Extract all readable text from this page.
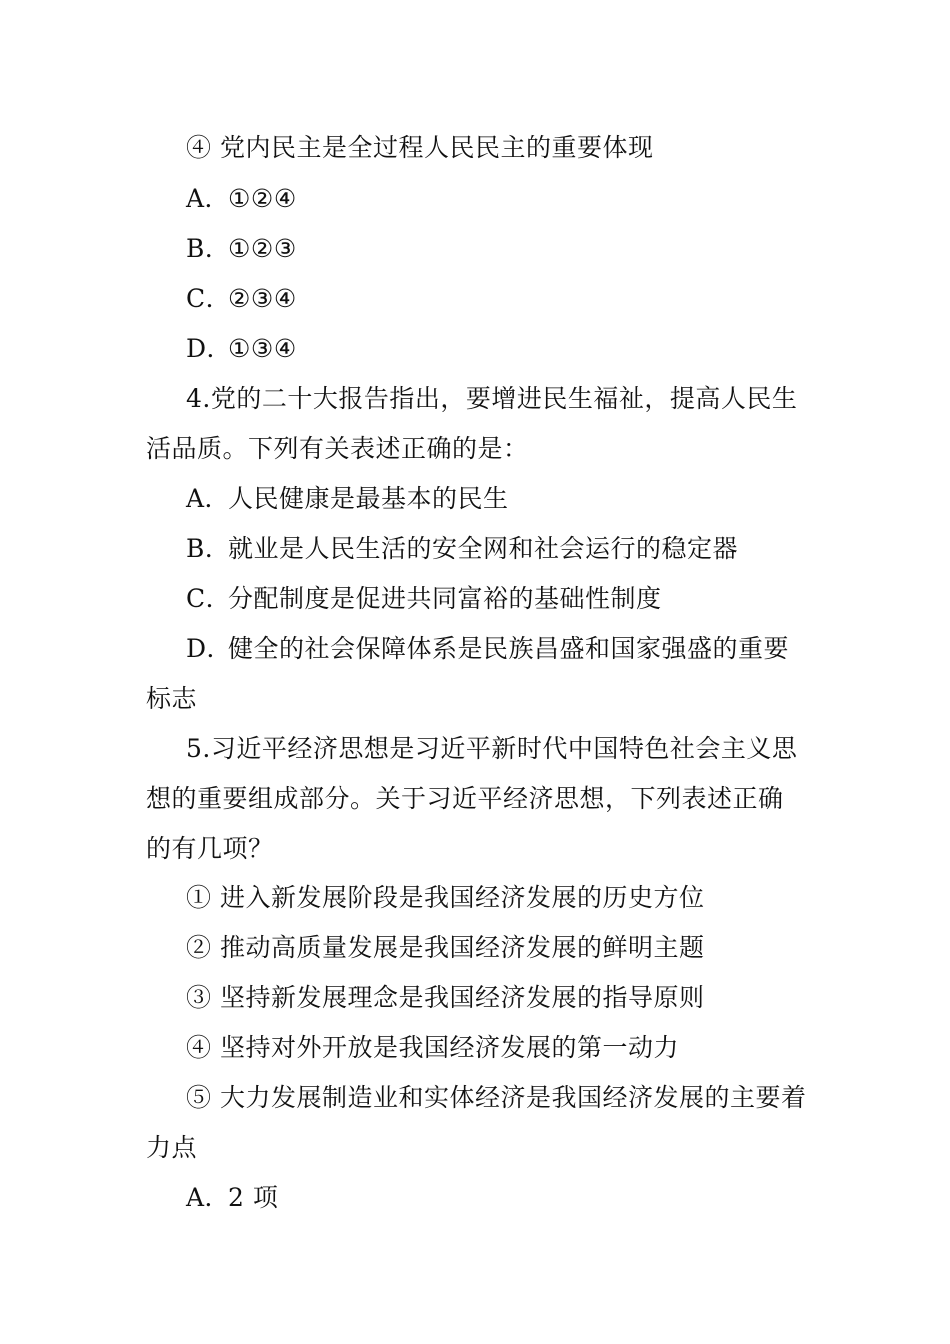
④ 党内民主是全过程人民民主的重要体现
A．①②④
B．①②③
C．②③④
D．①③④
4.党的二十大报告指出，要增进民生福祉，提高人民生
活品质。下列有关表述正确的是：
A．人民健康是最基本的民生
B．就业是人民生活的安全网和社会运行的稳定器
C．分配制度是促进共同富裕的基础性制度
D．健全的社会保障体系是民族昌盛和国家强盛的重要
标志
5.习近平经济思想是习近平新时代中国特色社会主义思
想的重要组成部分。关于习近平经济思想，下列表述正确
的有几项？
① 进入新发展阶段是我国经济发展的历史方位
② 推动高质量发展是我国经济发展的鲜明主题
③ 坚持新发展理念是我国经济发展的指导原则
④ 坚持对外开放是我国经济发展的第一动力
⑤ 大力发展制造业和实体经济是我国经济发展的主要着
力点
A．2 项
